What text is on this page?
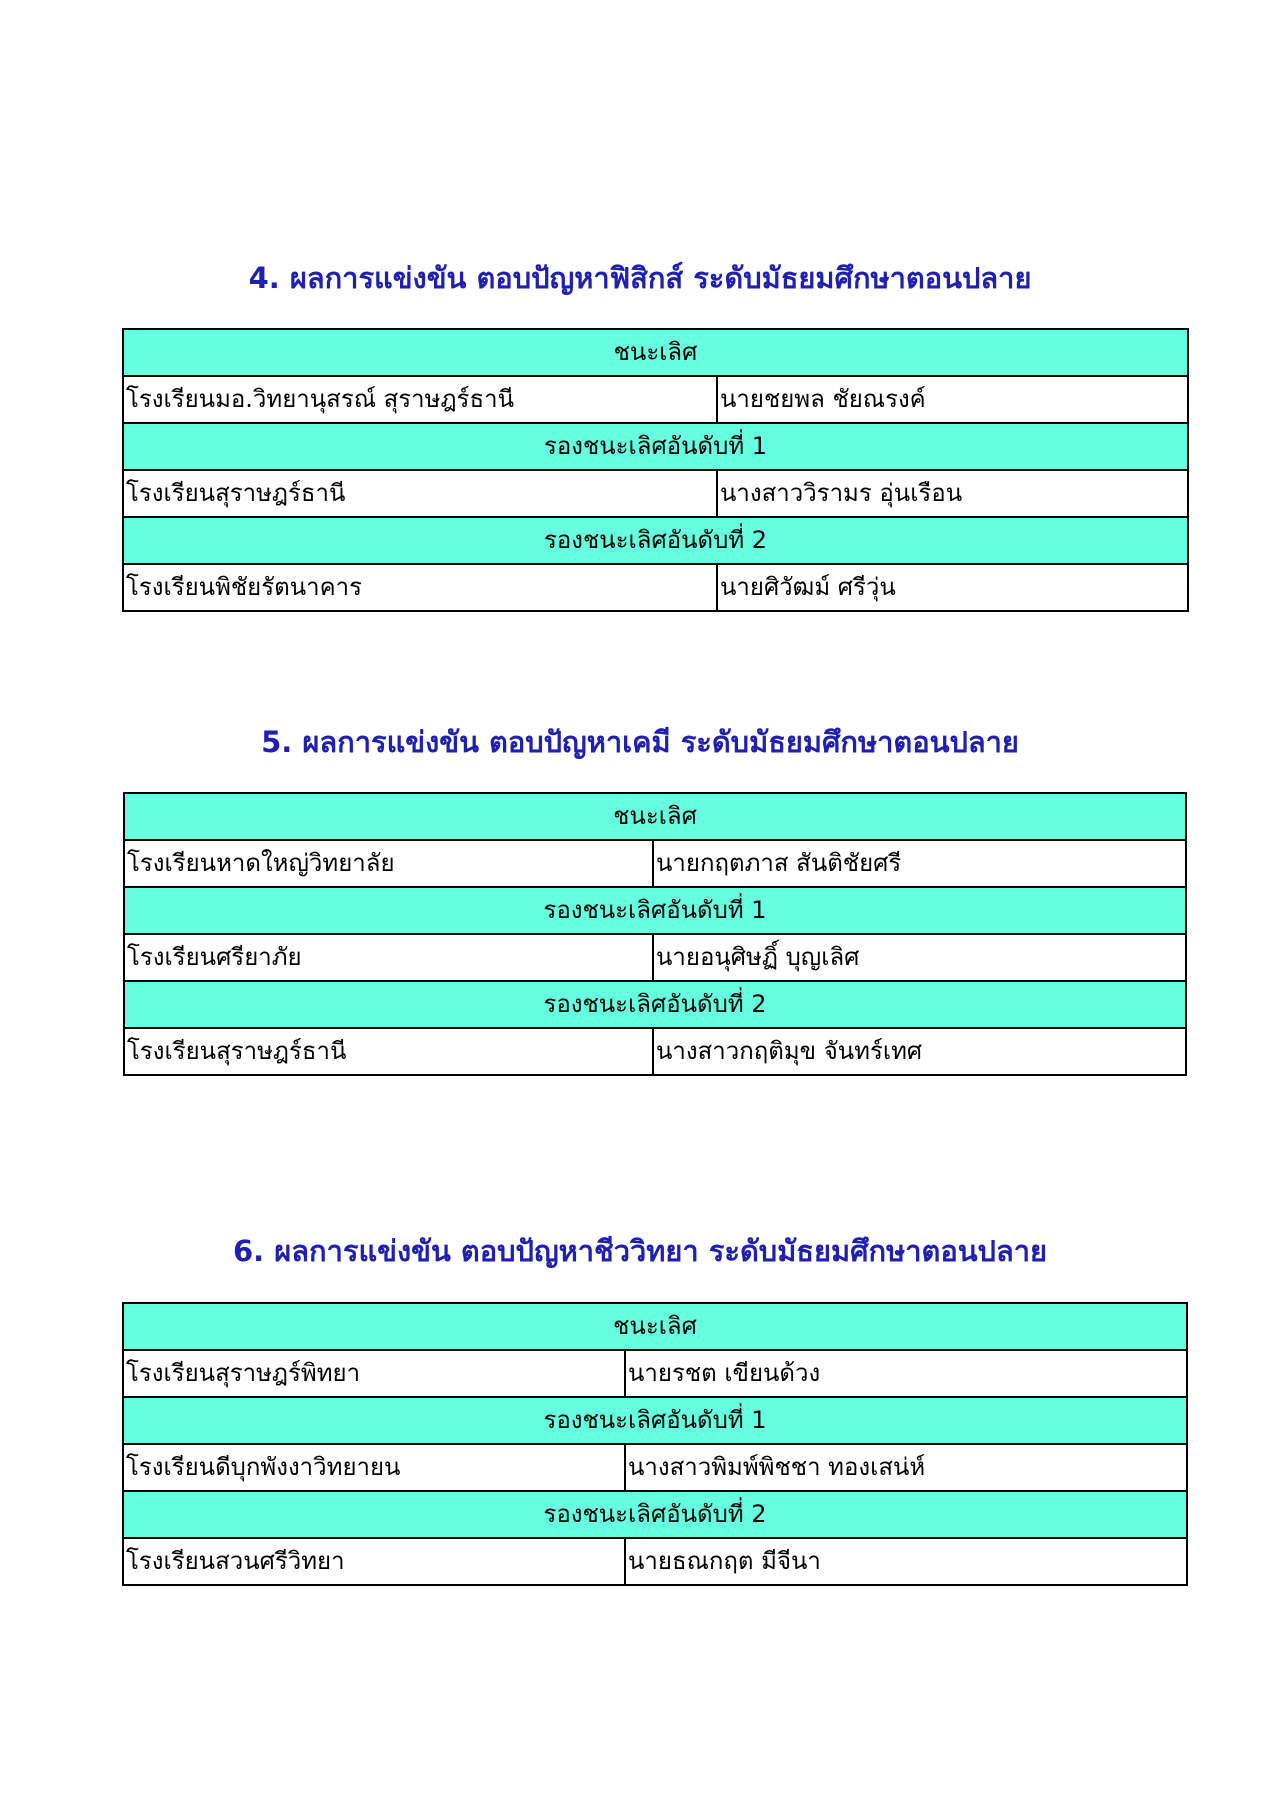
4. ผลการแข่งขัน ตอบปัญหาฟิสิกส์ ระดับมัธยมศึกษาตอนปลาย
ชนะเลิศ	
โรงเรียนมอ.วิทยานุสรณ์ สุราษฎร์ธานี	นายชยพล ชัยณรงค์
รองชนะเลิศอันดับที่ 1	
โรงเรียนสุราษฎร์ธานี	นางสาววิรามร อุ่นเรือน
รองชนะเลิศอันดับที่ 2	
โรงเรียนพิชัยรัตนาคาร	นายศิวัฒม์ ศรีวุ่น
5. ผลการแข่งขัน ตอบปัญหาเคมี ระดับมัธยมศึกษาตอนปลาย
ชนะเลิศ	
โรงเรียนหาดใหญ่วิทยาลัย	นายกฤตภาส สันติชัยศรี
รองชนะเลิศอันดับที่ 1	
โรงเรียนศรียาภัย	นายอนุศิษฏิ์ บุญเลิศ
รองชนะเลิศอันดับที่ 2	
โรงเรียนสุราษฎร์ธานี	นางสาวกฤติมุข จันทร์เทศ
6. ผลการแข่งขัน ตอบปัญหาชีววิทยา ระดับมัธยมศึกษาตอนปลาย
ชนะเลิศ	
โรงเรียนสุราษฎร์พิทยา	นายรชต เขียนด้วง
รองชนะเลิศอันดับที่ 1	
โรงเรียนดีบุกพังงาวิทยายน	นางสาวพิมพ์พิชชา ทองเสน่ห์
รองชนะเลิศอันดับที่ 2	
โรงเรียนสวนศรีวิทยา	นายธณกฤต มีจีนา
